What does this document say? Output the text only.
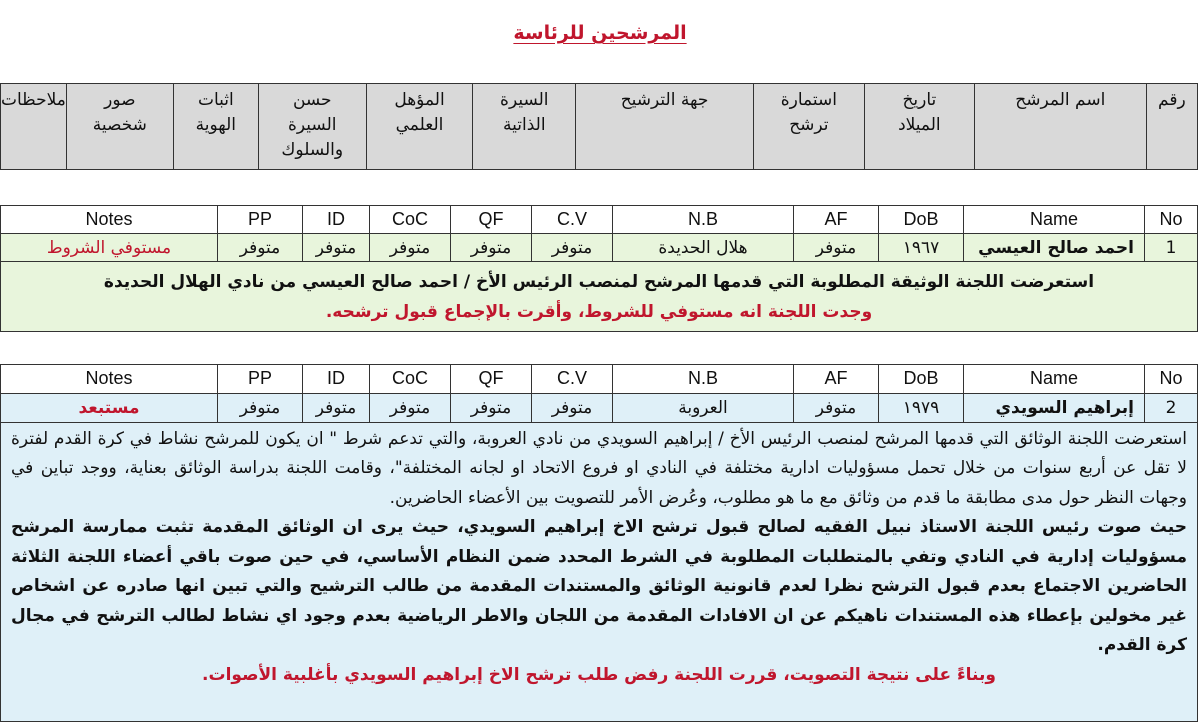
المرشحين للرئاسة
رقم	اسم المرشح	تاريخ الميلاد	استمارة ترشح	جهة الترشيح	السيرة الذاتية	المؤهل العلمي	حسن السيرة والسلوك	اثبات الهوية	صور شخصية	ملاحظات
No	Name	DoB	AF	N.B	C.V	QF	CoC	ID	PP	Notes
1	احمد صالح العيسي	١٩٦٧	متوفر	هلال الحديدة	متوفر	متوفر	متوفر	متوفر	متوفر	مستوفي الشروط

استعرضت اللجنة الوثيقة المطلوبة التي قدمها المرشح لمنصب الرئيس الأخ / احمد صالح العيسي من نادي الهلال الحديدة
وجدت اللجنة انه مستوفي للشروط، وأقرت بالإجماع قبول ترشحه.										
No	Name	DoB	AF	N.B	C.V	QF	CoC	ID	PP	Notes
2	إبراهيم السويدي	١٩٧٩	متوفر	العروبة	متوفر	متوفر	متوفر	متوفر	متوفر	مستبعد

استعرضت اللجنة الوثائق التي قدمها المرشح لمنصب الرئيس الأخ / إبراهيم السويدي من نادي العروبة، والتي تدعم شرط " ان يكون للمرشح نشاط في كرة القدم لفترة لا تقل عن أربع سنوات من خلال تحمل مسؤوليات ادارية مختلفة في النادي او فروع الاتحاد او لجانه المختلفة"، وقامت اللجنة بدراسة الوثائق بعناية، ووجد تباين في وجهات النظر حول مدى مطابقة ما قدم من وثائق مع ما هو مطلوب، وعُرض الأمر للتصويت بين الأعضاء الحاضرين.
حيث صوت رئيس اللجنة الاستاذ نبيل الفقيه لصالح قبول ترشح الاخ إبراهيم السويدي، حيث يرى ان الوثائق المقدمة تثبت ممارسة المرشح مسؤوليات إدارية في النادي وتفي بالمتطلبات المطلوبة في الشرط المحدد ضمن النظام الأساسي، في حين صوت باقي أعضاء اللجنة الثلاثة الحاضرين الاجتماع بعدم قبول الترشح نظرا لعدم قانونية الوثائق والمستندات المقدمة من طالب الترشيح والتي تبين انها صادره عن اشخاص غير مخولين بإعطاء هذه المستندات ناهيكم عن ان الافادات المقدمة من اللجان والاطر الرياضية بعدم وجود اي نشاط لطالب الترشح في مجال كرة القدم.
وبناءً على نتيجة التصويت، قررت اللجنة رفض طلب ترشح الاخ إبراهيم السويدي بأغلبية الأصوات.										
